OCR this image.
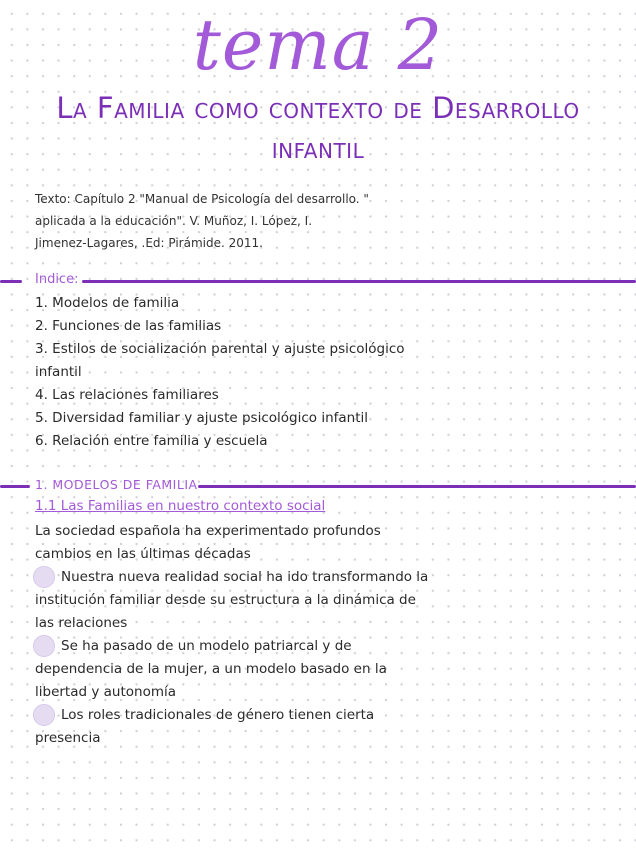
tema 2
La Familia como contexto de Desarrollo
infantil
Texto: Capítulo 2 "Manual de Psicología del desarrollo. "
aplicada a la educación". V. Muñoz, I. López, I.
Jimenez-Lagares, .Ed: Pirámide. 2011.
Indice:
1. Modelos de familia
2. Funciones de las familias
3. Estilos de socialización parental y ajuste psicológico
infantil
4. Las relaciones familiares
5. Diversidad familiar y ajuste psicológico infantil
6. Relación entre familia y escuela
1. MODELOS DE FAMILIA
1.1 Las Familias en nuestro contexto social
La sociedad española ha experimentado profundos
cambios en las últimas décadas
Nuestra nueva realidad social ha ido transformando la
institución familiar desde su estructura a la dinámica de
las relaciones
Se ha pasado de un modelo patriarcal y de
dependencia de la mujer, a un modelo basado en la
libertad y autonomía
Los roles tradicionales de género tienen cierta
presencia
